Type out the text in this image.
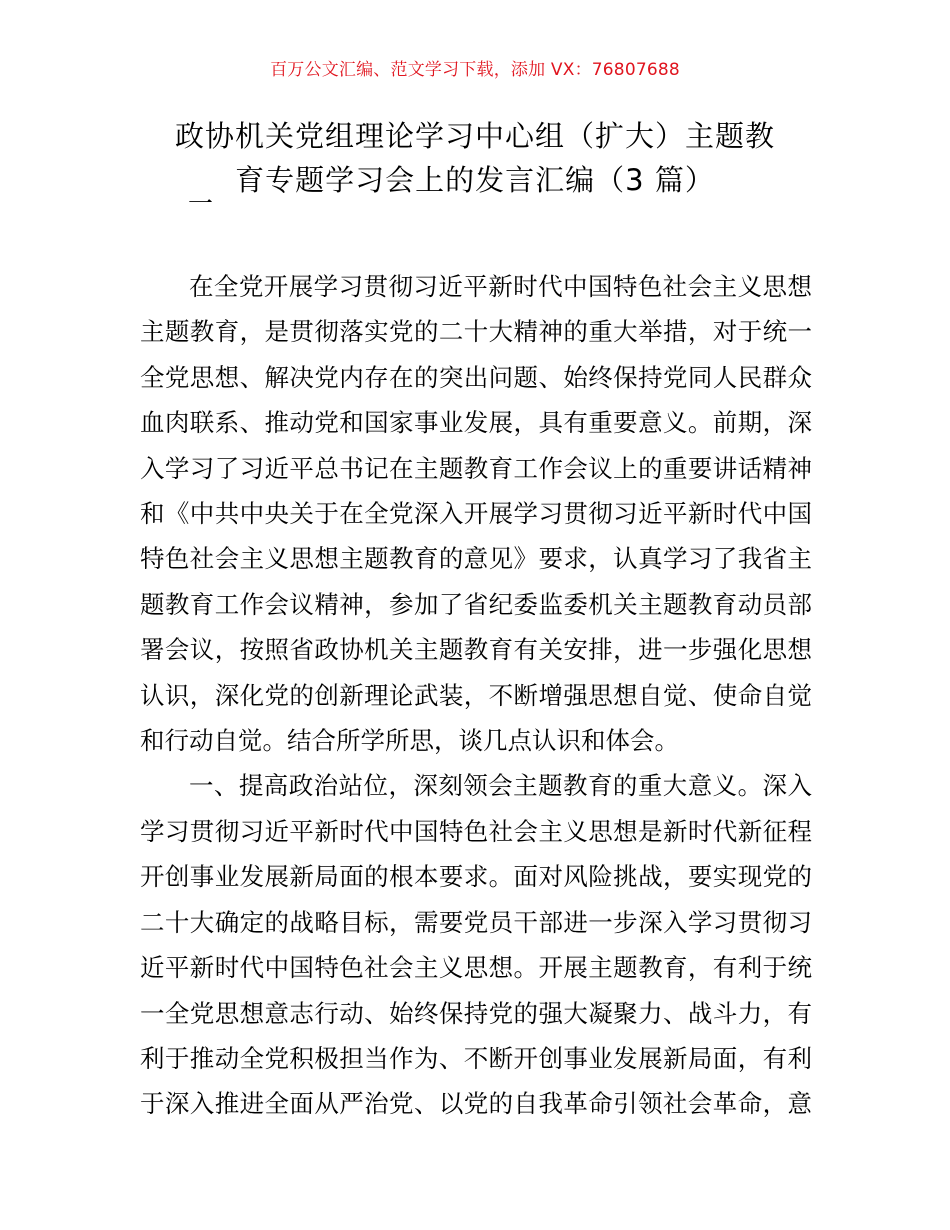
百万公文汇编、范文学习下载，添加 VX：76807688
政协机关党组理论学习中心组（扩大）主题教
育专题学习会上的发言汇编（3 篇）
一

在全党开展学习贯彻习近平新时代中国特色社会主义思想
主题教育，是贯彻落实党的二十大精神的重大举措，对于统一
全党思想、解决党内存在的突出问题、始终保持党同人民群众
血肉联系、推动党和国家事业发展，具有重要意义。前期，深
入学习了习近平总书记在主题教育工作会议上的重要讲话精神
和《中共中央关于在全党深入开展学习贯彻习近平新时代中国
特色社会主义思想主题教育的意见》要求，认真学习了我省主
题教育工作会议精神，参加了省纪委监委机关主题教育动员部
署会议，按照省政协机关主题教育有关安排，进一步强化思想
认识，深化党的创新理论武装，不断增强思想自觉、使命自觉
和行动自觉。结合所学所思，谈几点认识和体会。

一、提高政治站位，深刻领会主题教育的重大意义。深入
学习贯彻习近平新时代中国特色社会主义思想是新时代新征程
开创事业发展新局面的根本要求。面对风险挑战，要实现党的
二十大确定的战略目标，需要党员干部进一步深入学习贯彻习
近平新时代中国特色社会主义思想。开展主题教育，有利于统
一全党思想意志行动、始终保持党的强大凝聚力、战斗力，有
利于推动全党积极担当作为、不断开创事业发展新局面，有利
于深入推进全面从严治党、以党的自我革命引领社会革命，意
